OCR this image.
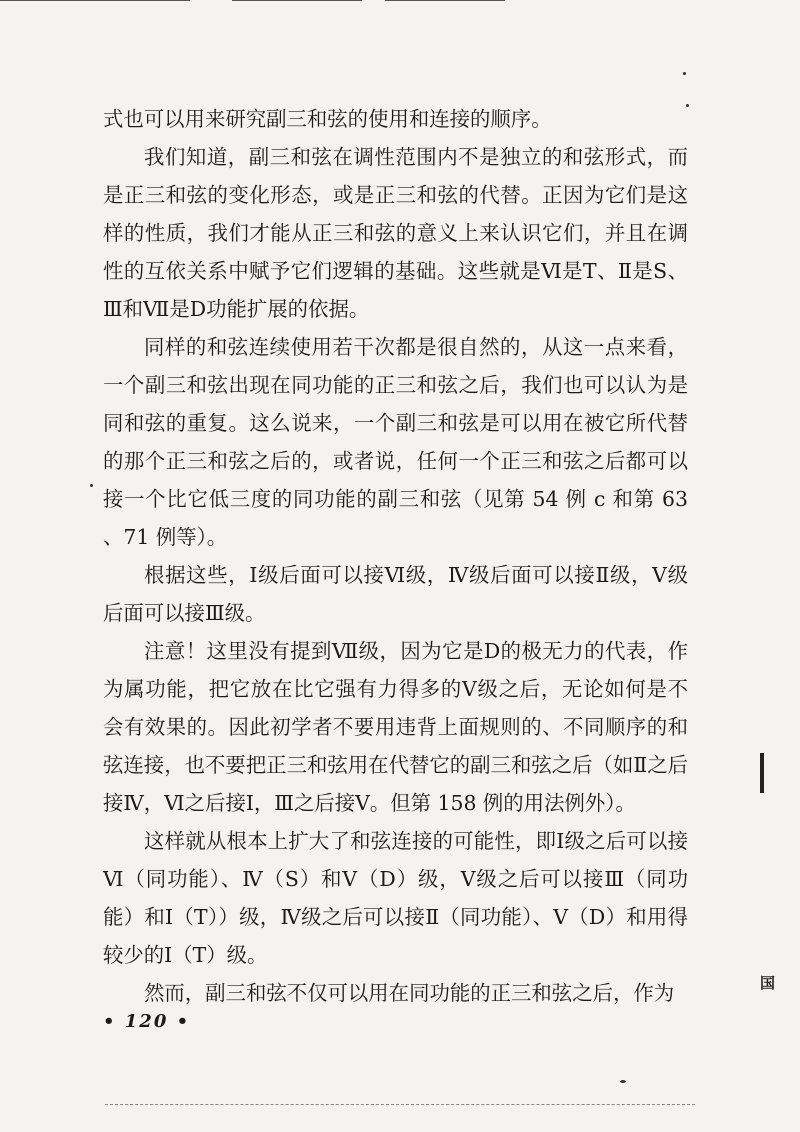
式也可以用来研究副三和弦的使用和连接的顺序。

我们知道，副三和弦在调性范围内不是独立的和弦形式，而是正三和弦的变化形态，或是正三和弦的代替。正因为它们是这样的性质，我们才能从正三和弦的意义上来认识它们，并且在调性的互依关系中赋予它们逻辑的基础。这些就是Ⅵ是T、Ⅱ是S、Ⅲ和Ⅶ是D功能扩展的依据。

同样的和弦连续使用若干次都是很自然的，从这一点来看，一个副三和弦出现在同功能的正三和弦之后，我们也可以认为是同和弦的重复。这么说来，一个副三和弦是可以用在被它所代替的那个正三和弦之后的，或者说，任何一个正三和弦之后都可以接一个比它低三度的同功能的副三和弦（见第 54 例 c 和第 63 、71 例等）。

根据这些，Ⅰ级后面可以接Ⅵ级，Ⅳ级后面可以接Ⅱ级，Ⅴ级后面可以接Ⅲ级。

注意！这里没有提到Ⅶ级，因为它是D的极无力的代表，作为属功能，把它放在比它强有力得多的Ⅴ级之后，无论如何是不会有效果的。因此初学者不要用违背上面规则的、不同顺序的和弦连接，也不要把正三和弦用在代替它的副三和弦之后（如Ⅱ之后接Ⅳ，Ⅵ之后接Ⅰ，Ⅲ之后接Ⅴ。但第 158 例的用法例外）。

这样就从根本上扩大了和弦连接的可能性，即Ⅰ级之后可以接Ⅵ（同功能）、Ⅳ（S）和Ⅴ（D）级，Ⅴ级之后可以接Ⅲ（同功能）和Ⅰ（T））级，Ⅳ级之后可以接Ⅱ（同功能）、Ⅴ（D）和用得较少的Ⅰ（T）级。

然而，副三和弦不仅可以用在同功能的正三和弦之后，作为

• 120 •
国
